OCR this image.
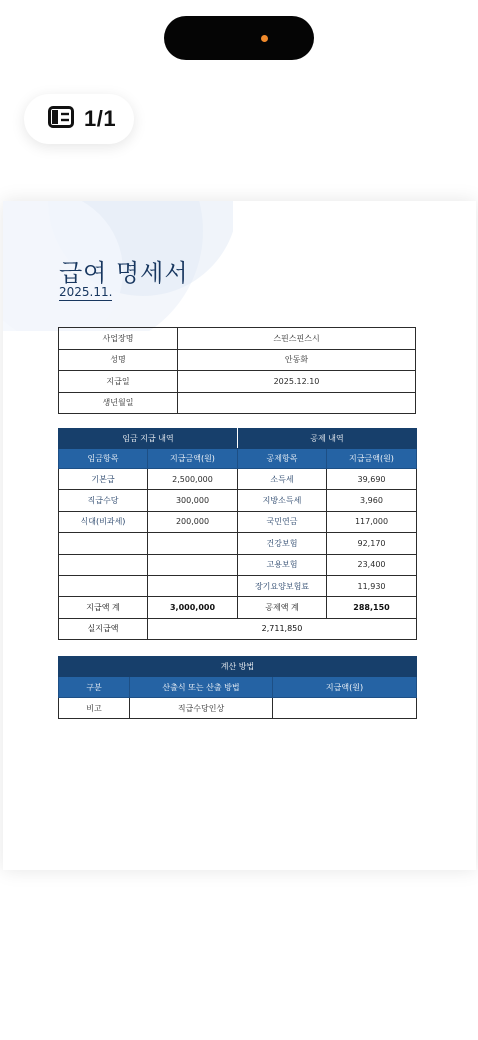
1/1
급여 명세서
2025.11.
사업장명	스핀스핀스시
성명	안동화
지급일	2025.12.10
생년월일	
임금 지급 내역		공제 내역	
임금항목	지급금액(원)	공제항목	지급금액(원)
기본급	2,500,000	소득세	39,690
직급수당	300,000	지방소득세	3,960
식대(비과세)	200,000	국민연금	117,000
		건강보험	92,170
		고용보험	23,400
		장기요양보험료	11,930
지급액 계	3,000,000	공제액 계	288,150
실지급액	2,711,850		
계산 방법		
구분	산출식 또는 산출 방법	지급액(원)
비고	직급수당인상	
